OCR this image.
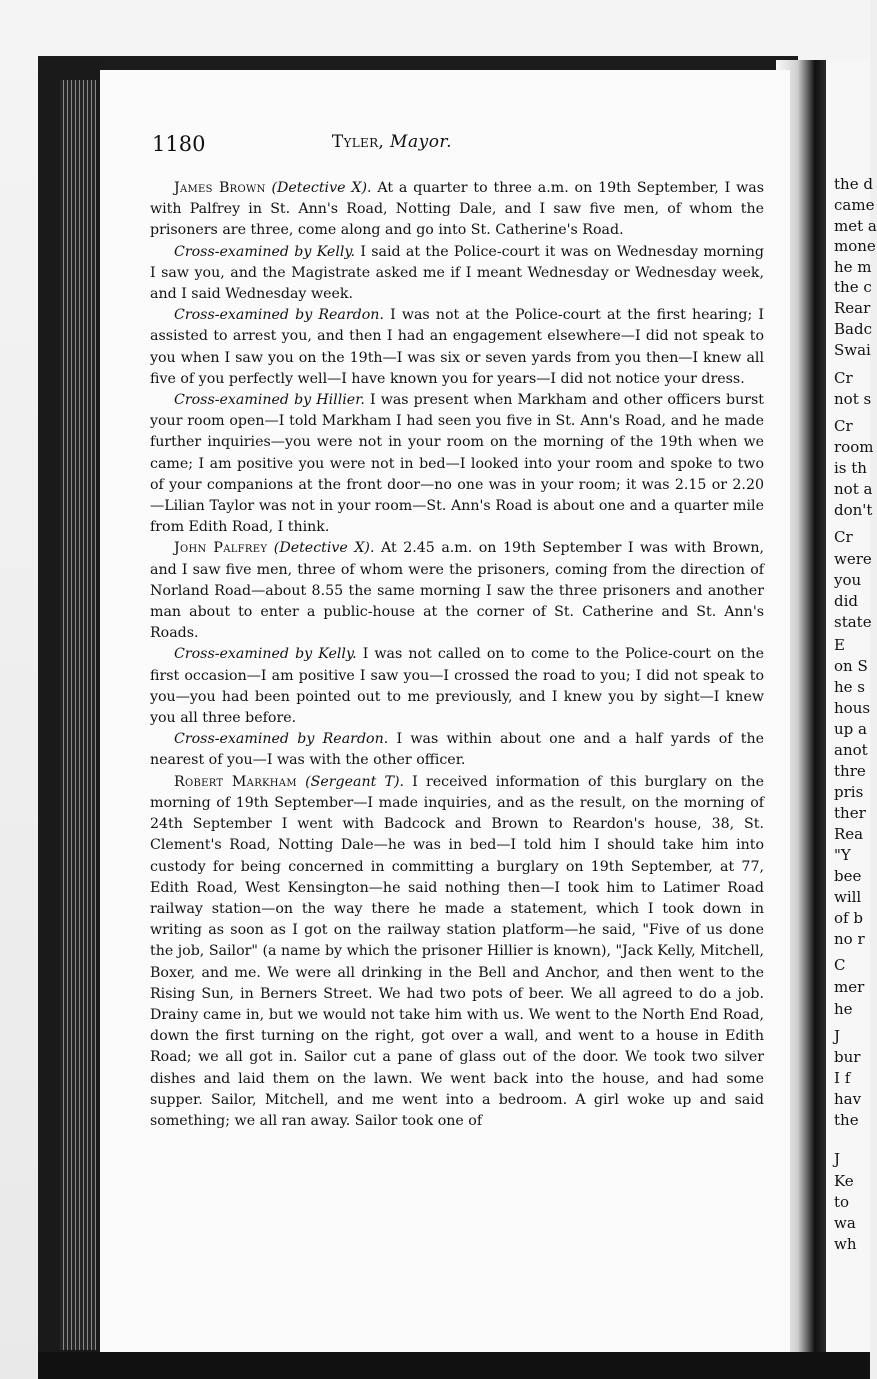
the d
came
met a
mone
he m
the c
Rear
Badc
Swai
Cr
not s
Cr
room
is th
not a
don't
Cr
were
you
did
state
E
on S
he s
hous
up a
anot
thre
pris
ther
Rea
"Y
bee
will
of b
no r
C
mer
he
J
bur
I f
hav
the
J
Ke
to
wa
wh
1180	Tyler, Mayor.

James Brown (Detective X). At a quarter to three a.m. on 19th September, I was with Palfrey in St. Ann's Road, Notting Dale, and I saw five men, of whom the prisoners are three, come along and go into St. Catherine's Road.

Cross-examined by Kelly. I said at the Police-court it was on Wednesday morning I saw you, and the Magistrate asked me if I meant Wednesday or Wednesday week, and I said Wednesday week.

Cross-examined by Reardon. I was not at the Police-court at the first hearing; I assisted to arrest you, and then I had an engagement elsewhere—I did not speak to you when I saw you on the 19th—I was six or seven yards from you then—I knew all five of you perfectly well—I have known you for years—I did not notice your dress.

Cross-examined by Hillier. I was present when Markham and other officers burst your room open—I told Markham I had seen you five in St. Ann's Road, and he made further inquiries—you were not in your room on the morning of the 19th when we came; I am positive you were not in bed—I looked into your room and spoke to two of your companions at the front door—no one was in your room; it was 2.15 or 2.20—Lilian Taylor was not in your room—St. Ann's Road is about one and a quarter mile from Edith Road, I think.

John Palfrey (Detective X). At 2.45 a.m. on 19th September I was with Brown, and I saw five men, three of whom were the prisoners, coming from the direction of Norland Road—about 8.55 the same morning I saw the three prisoners and another man about to enter a public-house at the corner of St. Catherine and St. Ann's Roads.

Cross-examined by Kelly. I was not called on to come to the Police-court on the first occasion—I am positive I saw you—I crossed the road to you; I did not speak to you—you had been pointed out to me previously, and I knew you by sight—I knew you all three before.

Cross-examined by Reardon. I was within about one and a half yards of the nearest of you—I was with the other officer.

Robert Markham (Sergeant T). I received information of this burglary on the morning of 19th September—I made inquiries, and as the result, on the morning of 24th September I went with Badcock and Brown to Reardon's house, 38, St. Clement's Road, Notting Dale—he was in bed—I told him I should take him into custody for being concerned in committing a burglary on 19th September, at 77, Edith Road, West Kensington—he said nothing then—I took him to Latimer Road railway station—on the way there he made a statement, which I took down in writing as soon as I got on the railway station platform—he said, "Five of us done the job, Sailor" (a name by which the prisoner Hillier is known), "Jack Kelly, Mitchell, Boxer, and me. We were all drinking in the Bell and Anchor, and then went to the Rising Sun, in Berners Street. We had two pots of beer. We all agreed to do a job. Drainy came in, but we would not take him with us. We went to the North End Road, down the first turning on the right, got over a wall, and went to a house in Edith Road; we all got in. Sailor cut a pane of glass out of the door. We took two silver dishes and laid them on the lawn. We went back into the house, and had some supper. Sailor, Mitchell, and me went into a bedroom. A girl woke up and said something; we all ran away. Sailor took one of
